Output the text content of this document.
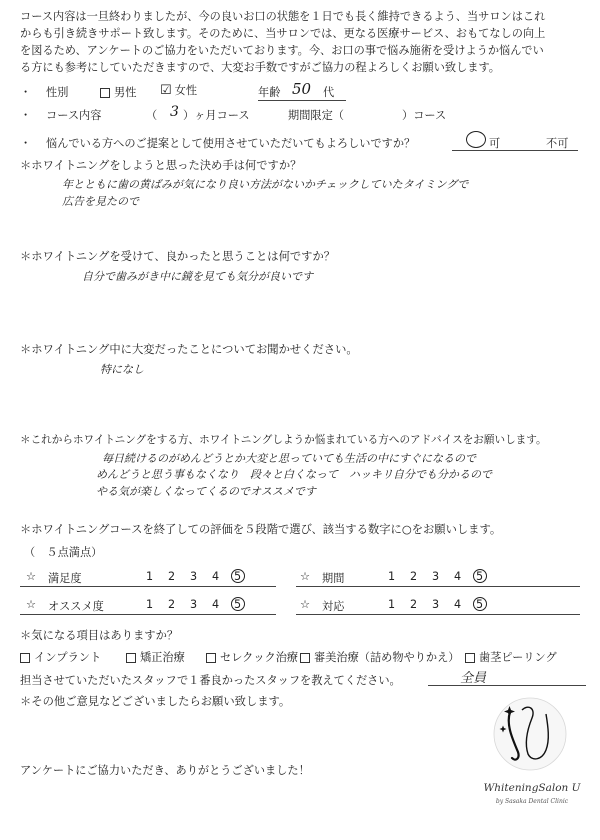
コース内容は一旦終わりましたが、今の良いお口の状態を１日でも長く維持できるよう、当サロンはこれ
からも引き続きサポート致します。そのために、当サロンでは、更なる医療サービス、おもてなしの向上
を図るため、アンケートのご協力をいただいております。今、お口の事で悩み施術を受けようか悩んでい
る方にも参考にしていただきますので、大変お手数ですがご協力の程よろしくお願い致します。
・ 性別	男性 ☑ 女性	年齢 50 代
・ コース内容	（ 3 ）ヶ月コース	期間限定（	）コース
・ 悩んでいる方へのご提案として使用させていただいてもよろしいですか？	可	不可
＊ホワイトニングをしようと思った決め手は何ですか？
年とともに歯の黄ばみが気になり良い方法がないかチェックしていたタイミングで
広告を見たので
＊ホワイトニングを受けて、良かったと思うことは何ですか？
自分で歯みがき中に鏡を見ても気分が良いです
＊ホワイトニング中に大変だったことについてお聞かせください。
特になし
＊これからホワイトニングをする方、ホワイトニングしようか悩まれている方へのアドバイスをお願いします。
毎日続けるのがめんどうとか大変と思っていても生活の中にすぐになるので
めんどうと思う事もなくなり　段々と白くなって　ハッキリ自分でも分かるので
やる気が楽しくなってくるのでオススメです
＊ホワイトニングコースを終了しての評価を５段階で選び、該当する数字に○をお願いします。
（　５点満点）
☆ 満足度	1 2 3 4 5	☆ 期間	1 2 3 4 5
☆ オススメ度	1 2 3 4 5	☆ 対応	1 2 3 4 5
＊気になる項目はありますか？
インプラント	矯正治療	セレクック治療	審美治療（詰め物やりかえ）	歯茎ピーリング
担当させていただいたスタッフで１番良かったスタッフを教えてください。	全員
＊その他ご意見などございましたらお願い致します。
アンケートにご協力いただき、ありがとうございました！
WhiteningSalon U
by Sasaka Dental Clinic
